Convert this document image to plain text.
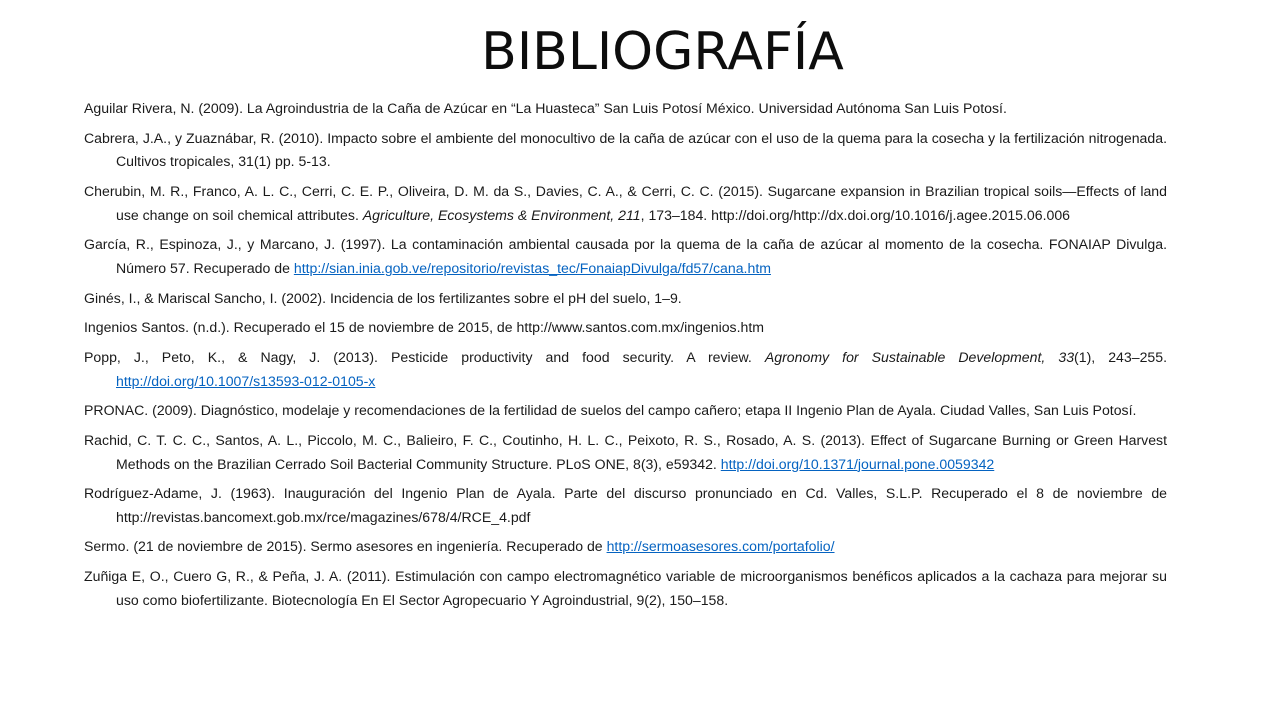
BIBLIOGRAFÍA

Aguilar Rivera, N. (2009). La Agroindustria de la Caña de Azúcar en “La Huasteca” San Luis Potosí México. Universidad Autónoma San Luis Potosí.

Cabrera, J.A., y Zuaznábar, R. (2010). Impacto sobre el ambiente del monocultivo de la caña de azúcar con el uso de la quema para la cosecha y la fertilización nitrogenada. Cultivos tropicales, 31(1) pp. 5-13.

Cherubin, M. R., Franco, A. L. C., Cerri, C. E. P., Oliveira, D. M. da S., Davies, C. A., & Cerri, C. C. (2015). Sugarcane expansion in Brazilian tropical soils—Effects of land use change on soil chemical attributes. Agriculture, Ecosystems & Environment, 211, 173–184. http://doi.org/http://dx.doi.org/10.1016/j.agee.2015.06.006

García, R., Espinoza, J., y Marcano, J. (1997). La contaminación ambiental causada por la quema de la caña de azúcar al momento de la cosecha. FONAIAP Divulga. Número 57. Recuperado de http://sian.inia.gob.ve/repositorio/revistas_tec/FonaiapDivulga/fd57/cana.htm

Ginés, I., & Mariscal Sancho, I. (2002). Incidencia de los fertilizantes sobre el pH del suelo, 1–9.

Ingenios Santos. (n.d.). Recuperado el 15 de noviembre de 2015, de http://www.santos.com.mx/ingenios.htm

Popp, J., Peto, K., & Nagy, J. (2013). Pesticide productivity and food security. A review. Agronomy for Sustainable Development, 33(1), 243–255. http://doi.org/10.1007/s13593-012-0105-x

PRONAC. (2009). Diagnóstico, modelaje y recomendaciones de la fertilidad de suelos del campo cañero; etapa II Ingenio Plan de Ayala. Ciudad Valles, San Luis Potosí.

Rachid, C. T. C. C., Santos, A. L., Piccolo, M. C., Balieiro, F. C., Coutinho, H. L. C., Peixoto, R. S., Rosado, A. S. (2013). Effect of Sugarcane Burning or Green Harvest Methods on the Brazilian Cerrado Soil Bacterial Community Structure. PLoS ONE, 8(3), e59342. http://doi.org/10.1371/journal.pone.0059342

Rodríguez-Adame, J. (1963). Inauguración del Ingenio Plan de Ayala. Parte del discurso pronunciado en Cd. Valles, S.L.P. Recuperado el 8 de noviembre de http://revistas.bancomext.gob.mx/rce/magazines/678/4/RCE_4.pdf

Sermo. (21 de noviembre de 2015). Sermo asesores en ingeniería. Recuperado de http://sermoasesores.com/portafolio/

Zuñiga E, O., Cuero G, R., & Peña, J. A. (2011). Estimulación con campo electromagnético variable de microorganismos benéficos aplicados a la cachaza para mejorar su uso como biofertilizante. Biotecnología En El Sector Agropecuario Y Agroindustrial, 9(2), 150–158.
